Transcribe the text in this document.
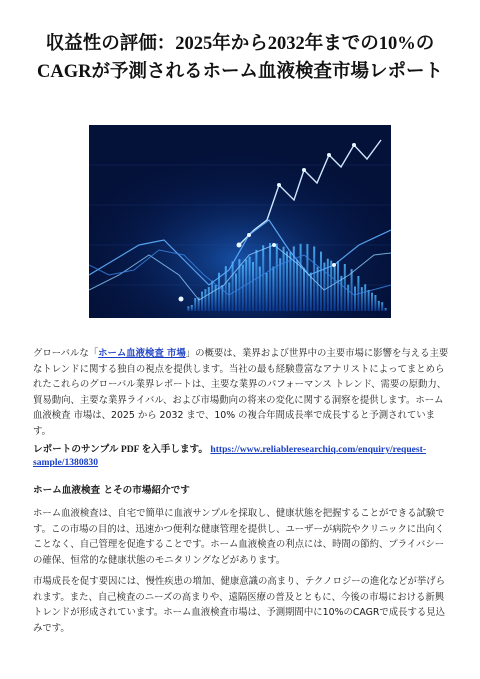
収益性の評価：2025年から2032年までの10%のCAGRが予測されるホーム血液検査市場レポート

グローバルな「ホーム血液検査 市場」の概要は、業界および世界中の主要市場に影響を与える主要なトレンドに関する独自の視点を提供します。当社の最も経験豊富なアナリストによってまとめられたこれらのグローバル業界レポートは、主要な業界のパフォーマンス トレンド、需要の原動力、貿易動向、主要な業界ライバル、および市場動向の将来の変化に関する洞察を提供します。ホーム血液検査 市場は、2025 から 2032 まで、10% の複合年間成長率で成長すると予測されています。

レポートのサンプル PDF を入手します。 https://www.reliableresearchiq.com/enquiry/request-sample/1380830
ホーム血液検査 とその市場紹介です

ホーム血液検査は、自宅で簡単に血液サンプルを採取し、健康状態を把握することができる試験です。この市場の目的は、迅速かつ便利な健康管理を提供し、ユーザーが病院やクリニックに出向くことなく、自己管理を促進することです。ホーム血液検査の利点には、時間の節約、プライバシーの確保、恒常的な健康状態のモニタリングなどがあります。

市場成長を促す要因には、慢性疾患の増加、健康意識の高まり、テクノロジーの進化などが挙げられます。また、自己検査のニーズの高まりや、遠隔医療の普及とともに、今後の市場における新興トレンドが形成されています。ホーム血液検査市場は、予測期間中に10%のCAGRで成長する見込みです。
